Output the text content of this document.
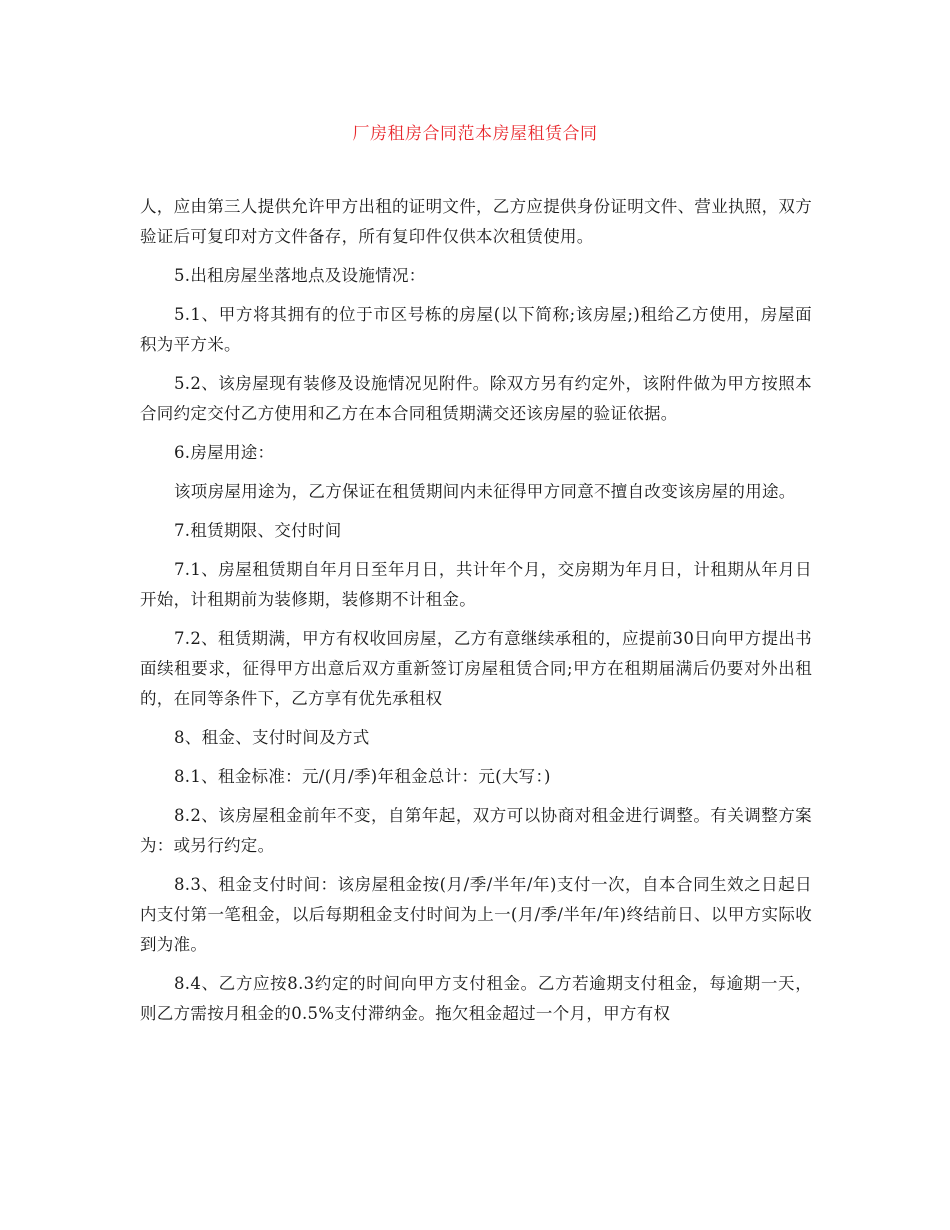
厂房租房合同范本房屋租赁合同

人，应由第三人提供允许甲方出租的证明文件，乙方应提供身份证明文件、营业执照，双方验证后可复印对方文件备存，所有复印件仅供本次租赁使用。

5.出租房屋坐落地点及设施情况：

5.1、甲方将其拥有的位于市区号栋的房屋(以下简称;该房屋;)租给乙方使用，房屋面积为平方米。

5.2、该房屋现有装修及设施情况见附件。除双方另有约定外，该附件做为甲方按照本合同约定交付乙方使用和乙方在本合同租赁期满交还该房屋的验证依据。

6.房屋用途：

该项房屋用途为，乙方保证在租赁期间内未征得甲方同意不擅自改变该房屋的用途。

7.租赁期限、交付时间

7.1、房屋租赁期自年月日至年月日，共计年个月，交房期为年月日，计租期从年月日开始，计租期前为装修期，装修期不计租金。

7.2、租赁期满，甲方有权收回房屋，乙方有意继续承租的，应提前30日向甲方提出书面续租要求，征得甲方出意后双方重新签订房屋租赁合同;甲方在租期届满后仍要对外出租的，在同等条件下，乙方享有优先承租权

8、租金、支付时间及方式

8.1、租金标准：元/(月/季)年租金总计：元(大写：)

8.2、该房屋租金前年不变，自第年起，双方可以协商对租金进行调整。有关调整方案为：或另行约定。

8.3、租金支付时间：该房屋租金按(月/季/半年/年)支付一次，自本合同生效之日起日内支付第一笔租金，以后每期租金支付时间为上一(月/季/半年/年)终结前日、以甲方实际收到为准。

8.4、乙方应按8.3约定的时间向甲方支付租金。乙方若逾期支付租金，每逾期一天，则乙方需按月租金的0.5%支付滞纳金。拖欠租金超过一个月，甲方有权
